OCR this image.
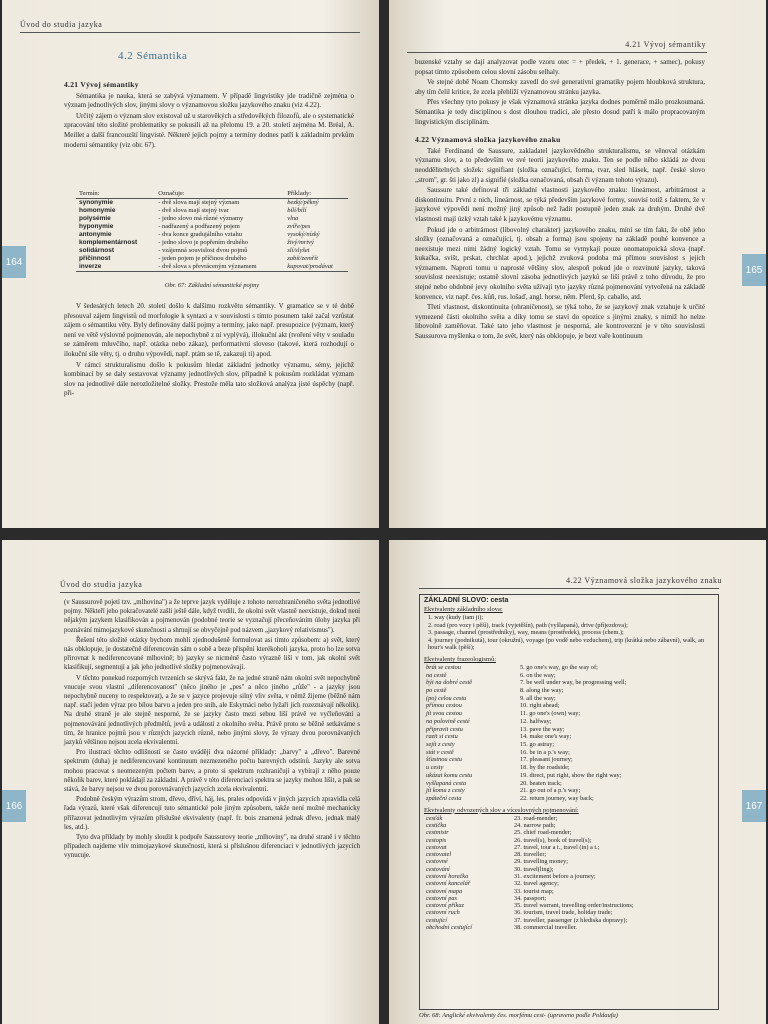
Úvod do studia jazyka
4.2 Sémantika
164
4.21 Vývoj sémantiky

Sémantika je nauka, která se zabývá významem. V případě lingvistiky jde tradičně zejména o význam jednotlivých slov, jinými slovy o významovou složku jazykového znaku (viz 4.22).

Určitý zájem o význam slov existoval už u starověkých a středověkých filozofů, ale o systematické zpracování této složité problematiky se pokusili až na přelomu 19. a 20. století zejména M. Bréal, A. Meillet a další francouzští lingvisté. Některé jejich pojmy a termíny dodnes patří k základním prvkům moderní sémantiky (viz obr. 67).

Termín:	Označuje:	Příklady:
synonymie	- dvě slova mají stejný význam	bezký/pěkný
homonymie	- dvě slova mají stejný tvar	bílí/bílí
polysémie	- jedno slovo má různé významy	vlna
hyponymie	- nadřazený a podřazený pojem	zvíře/pes
antonymie	- dva konce gradujálního vztahu	vysoký/nízký
komplementárnost	- jedno slovo je popřením druhého	živý/mrtvý
solidárnost	- vzájemná souvislost dvou pojmů	slí/slyšet
příčinnost	- jeden pojem je příčinou druhého	zabít/zemřít
inverze	- dvě slova s převráceným významem	kupovat/prodávat
Obr. 67: Základní sémantické pojmy

V šedesátých letech 20. století došlo k dalšímu rozkvětu sémantiky. V gramatice se v té době přesouval zájem lingvistů od morfologie k syntaxi a v souvislosti s tímto posunem také začal vzrůstat zájem o sémantiku věty. Byly definovány další pojmy a termíny, jako např. presupozice (význam, který není ve větě výslovně pojmenován, ale nepochybně z ní vyplývá), illokuční akt (tvoření věty v souladu se záměrem mluvčího, např. otázka nebo zákaz), performativní sloveso (takové, která rozhodují o ilokuční síle věty, tj. o druhu výpovědi, např. ptám se tě, zakazuji ti) apod.

V rámci strukturalismu došlo k pokusům hledat základní jednotky významu, sémy, jejichž kombinací by se daly sestavovat významy jednotlivých slov, případně k pokusům rozkládat význam slov na jednotlivé dále nerozložitelné složky. Prestože měla tato složková analýza jisté úspěchy (např. při-

4.21 Vývoj sémantiky
165

buzenské vztahy se dají analyzovat podle vzoru otec = + předek, + 1. generace, + samec), pokusy popsat tímto způsobem celou slovní zásobu selhaly.

Ve stejné době Noam Chomsky zavedl do své generativní gramatiky pojem hloubková struktura, aby tím čelil kritice, že zcela přehlíží významovou stránku jazyka.

Přes všechny tyto pokusy je však významová stránka jazyka dodnes poměrně málo prozkoumaná. Sémantika je tedy disciplínou s dost dlouhou tradicí, ale přesto dosud patří k málo propracovaným lingvistickým disciplínám.

4.22 Významová složka jazykového znaku

Také Ferdinand de Saussure, zakladatel jazykovědného strukturalismu, se věnoval otázkám významu slov, a to především ve své teorii jazykového znaku. Ten se podle něho skládá ze dvou neoddělitelných složek: signifiant (složka označující, forma, tvar, sled hlásek, např. české slovo „strom", gr. šti jako zl) a signifié (složka označovaná, obsah či význam tohoto výrazu).

Saussure také definoval tři základní vlastnosti jazykového znaku: lineárnost, arbitrárnost a diskontinuitu. První z nich, lineárnost, se týká především jazykové formy, souvisí totiž s faktem, že v jazykové výpovědi není možný jiný způsob než řadit postupně jeden znak za druhým. Druhé dvě vlastnosti mají úzký vztah také k jazykovému významu.

Pokud jde o arbitrárnost (libovolný charakter) jazykového znaku, míní se tím fakt, že obě jeho složky (označovaná a označující, tj. obsah a forma) jsou spojeny na základě pouhé konvence a neexistuje mezi nimi žádný logický vztah. Tomu se vymykají pouze onomatopoická slova (např. kukačka, svišt, prskat, chrchlat apod.), jejichž zvuková podoba má přímou souvislost s jejich významem. Naproti tomu u naprosté většiny slov, alespoň pokud jde o rozvinuté jazyky, taková souvislost neexistuje; ostatně slovní zásoba jednotlivých jazyků se liší právě z toho důvodu, že pro stejné nebo obdobné jevy okolního světa užívají tyto jazyky různá pojmenování vytvořená na základě konvence, viz např. čes. kůň, rus. lošaď, angl. horse, něm. Pferd, šp. caballo, atd.

Třetí vlastnost, diskontinuita (ohraničenost), se týká toho, že se jazykový znak vztahuje k určité vymezené části okolního světa a díky tomu se staví do opozice s jinými znaky, s nimiž ho nelze libovolně zaměňovat. Také tato jeho vlastnost je nesporná, ale kontroverzní je v této souvislosti Saussurova myšlenka o tom, že svět, který nás obklopuje, je bezt vaře kontinuum

Úvod do studia jazyka
166

(v Saussurově pojetí tzv. „mlhovina") a že teprve jazyk vyděluje z tohoto nerozhraničeného světa jednotlivé pojmy. Někteří jeho pokračovatelé zašli ještě dále, když tvrdili, že okolní svět vlastně neexistuje, dokud není nějakým jazykem klasifikován a pojmenován (podobné teorie se vyznačují přeceňováním úlohy jazyka při poznávání mimojazykové skutečnosti a shrnují se obvyčejně pod názvem „jazykový relativismus").

Řešení této složité otázky bychom mohli zjednodušeně formulovat asi tímto způsobem: a) svět, který nás obklopuje, je dostatečně diferencován sám o sobě a beze přispění kterékoholi jazyka, proto ho lze sotva přirovnat k nediferencované mlhovině; b) jazyky se nicméně často výrazně liší v tom, jak okolní svět klasifikují, segmentují a jak jeho jednotlivé složky pojmenovávají.

V těchto ponekud rozporných tvrzeních se skrývá fakt, že na jedné straně nám okolní svět nepochybně vnucuje svou vlastní „diferencovanost" (něco jiného je „pes" a něco jiného „růže" - a jazyky jsou nepochybně nuceny to respektovat), a že se v jazyce projevuje silný vliv světa, v němž žijeme (běžně nám např. stačí jeden výraz pro bílou barvu a jeden pro sníh, ale Eskymáci nebo lyžaři jich rozeznávají několik). Na druhé straně je ale stejně nesporné, že se jazyky často mezi sebou liší právě ve vyčleňování a pojmenovávání jednotlivých předmětů, jevů a událostí z okolního světa. Právě proto se běžně setkáváme s tím, že hranice pojmů jsou v různých jazycích různě, nebo jinými slovy, že výrazy dvou porovnávaných jazyků většinou nejsou zcela ekvivalentní.

Pro ilustraci těchto odlišností se často uvádějí dva názorné příklady: „barvy" a „dřevo". Barevné spektrum (duha) je nediferencované kontinuum nezmezeného počtu barevných odstínů. Jazyky ale sotva mohou pracovat s neomezeným počtem barev, a proto si spektrum rozhraničují a vybírají z něho pouze několik barev, které pokládají za základní. A právě v této diferenciaci spektra se jazyky mohou lišit, a pak se stává, že barvy nejsou ve dvou porovnávaných jazycích zcela ekvivalentní.

Podobně českým výrazům strom, dřevo, dříví, háj, les, prales odpovídá v jiných jazycích zpravidla celá řada výrazů, které však diferencují tuto sémantické pole jiným způsobem, takže není možné mechanicky přiřazovat jednotlivým výrazům příslušné ekvivalenty (např. fr. bois znamená jednak dřevo, jednak malý les, atd.).

Tyto dva příklady by mohly sloužit k podpoře Saussurovy teorie „mlhoviny", na druhé straně i v těchto případech najdeme vliv mimojazykové skutečnosti, která si příslušnou diferenciaci v jednotlivých jazycích vynucuje.

4.22 Významová složka jazykového znaku
167
ZÁKLADNÍ SLOVO: cesta
Ekvivalenty základního slova:
1. way (kudy (tam ji);
2. road (pro vozy i pěší), track (vyjetěšín), path (vyšlapaná), drive (příjezdova);
3. passage, channel (prostředníky), way, means (prostředek), process (chem.);
4. journey (podnikutá), tour (okružní), voyage (po vodě nebo vzduchem), trip (krátká nebo zábavní), walk, an hour's walk (pěší);
Ekvivalenty frazeologismů:
brát se cestou	5. go one's way, go the way of;
na cestě	6. on the way;
být na dobré cestě	7. be well under way, be progressing well;
po cestě	8. along the way;
(po) celou cestu	9. all the way;
přímou cestou	10. right ahead;
jít svou cestou	11. go one's (own) way;
na polovině cesté	12. halfway;
připravit cestu	13. pave the way;
razit si cestu	14. make one's way;
sejít z cesty	15. go astray;
stát v cestě	16. be in a p.'s way;
šťastnou cestu	17. pleasant journey;
u cesty	18. by the roadside;
ukázat komu cestu	19. direct, put right, show the right way;
vyšlapaná cesta	20. beaten track;
jít komu z cesty	21. go out of a p.'s way;
zpáteční cesta	22. return journey, way back;
Ekvivalenty odvozených slov a víceslovných pojmenování:
cesťák	23. road-mender;
cestička	24. narrow path;
cestmistr	25. chief road-mender;
cestopis	26. travel(s), book of travel(s);
cestovat	27. travel, tour a t., travel (in) a t.;
cestovatel	28. traveller;
cestovné	29. travelling money;
cestování	30. travel(ling);
cestovní horečka	31. excitement before a journey;
cestovní kancelář	32. travel agency;
cestovní mapa	33. tourist map;
cestovní pas	34. passport;
cestovní příkaz	35. travel warrant, travelling order/instructions;
cestovní ruch	36. tourism, travel trade, holiday trade;
cestující	37. traveller, passenger (z hlediska dopravy);
obchodní cestující	38. commercial traveller.
Obr. 68: Anglické ekvivalenty čes. morfému cest- (upraveno podle Poldaufa)
